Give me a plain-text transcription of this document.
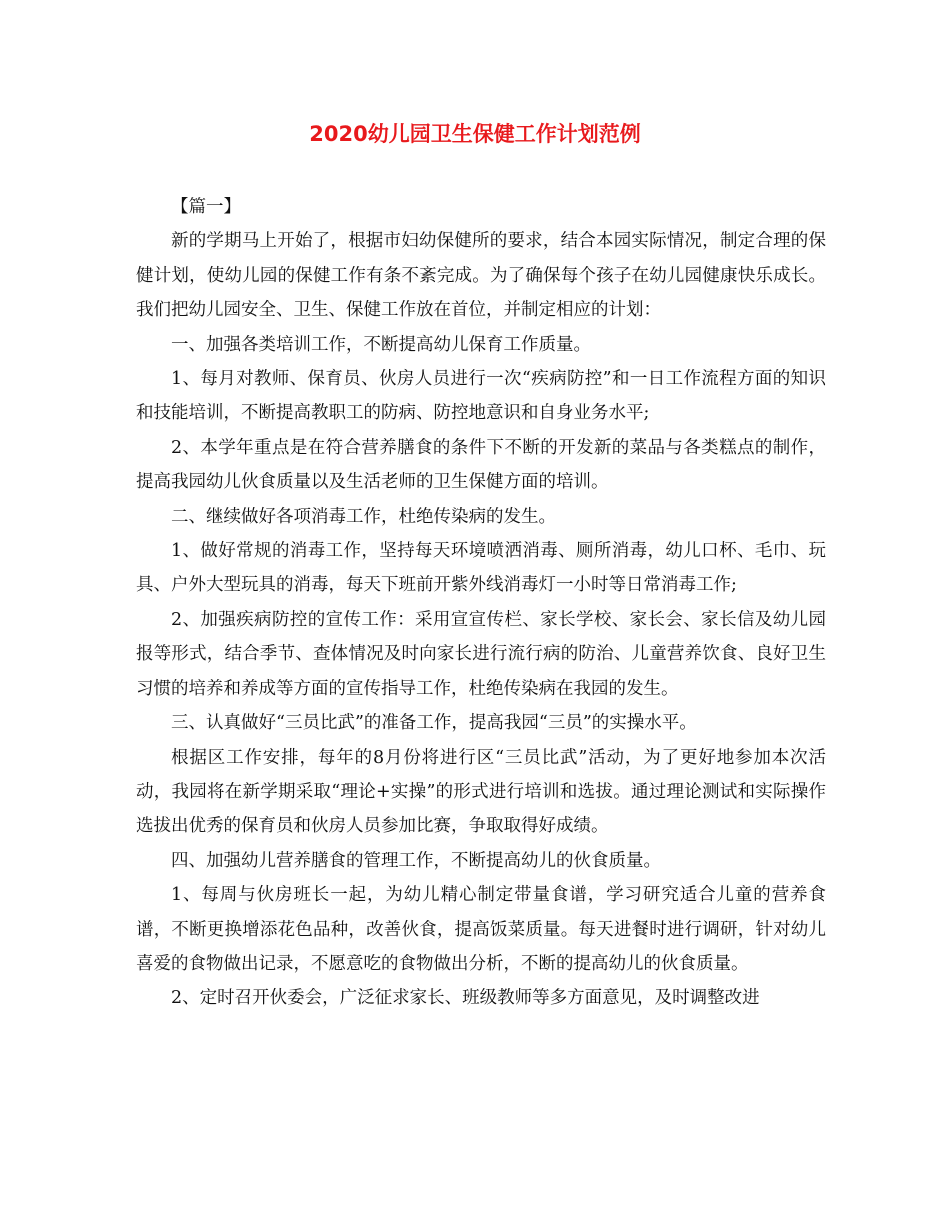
2020幼儿园卫生保健工作计划范例

【篇一】

新的学期马上开始了，根据市妇幼保健所的要求，结合本园实际情况，制定合理的保健计划，使幼儿园的保健工作有条不紊完成。为了确保每个孩子在幼儿园健康快乐成长。我们把幼儿园安全、卫生、保健工作放在首位，并制定相应的计划：

一、加强各类培训工作，不断提高幼儿保育工作质量。

1、每月对教师、保育员、伙房人员进行一次“疾病防控”和一日工作流程方面的知识和技能培训，不断提高教职工的防病、防控地意识和自身业务水平;

2、本学年重点是在符合营养膳食的条件下不断的开发新的菜品与各类糕点的制作，提高我园幼儿伙食质量以及生活老师的卫生保健方面的培训。

二、继续做好各项消毒工作，杜绝传染病的发生。

1、做好常规的消毒工作，坚持每天环境喷洒消毒、厕所消毒，幼儿口杯、毛巾、玩具、户外大型玩具的消毒，每天下班前开紫外线消毒灯一小时等日常消毒工作;

2、加强疾病防控的宣传工作：采用宣宣传栏、家长学校、家长会、家长信及幼儿园报等形式，结合季节、查体情况及时向家长进行流行病的防治、儿童营养饮食、良好卫生习惯的培养和养成等方面的宣传指导工作，杜绝传染病在我园的发生。

三、认真做好“三员比武”的准备工作，提高我园“三员”的实操水平。

根据区工作安排，每年的8月份将进行区“三员比武”活动，为了更好地参加本次活动，我园将在新学期采取“理论+实操”的形式进行培训和选拔。通过理论测试和实际操作选拔出优秀的保育员和伙房人员参加比赛，争取取得好成绩。

四、加强幼儿营养膳食的管理工作，不断提高幼儿的伙食质量。

1、每周与伙房班长一起，为幼儿精心制定带量食谱，学习研究适合儿童的营养食谱，不断更换增添花色品种，改善伙食，提高饭菜质量。每天进餐时进行调研，针对幼儿喜爱的食物做出记录，不愿意吃的食物做出分析，不断的提高幼儿的伙食质量。

2、定时召开伙委会，广泛征求家长、班级教师等多方面意见，及时调整改进
